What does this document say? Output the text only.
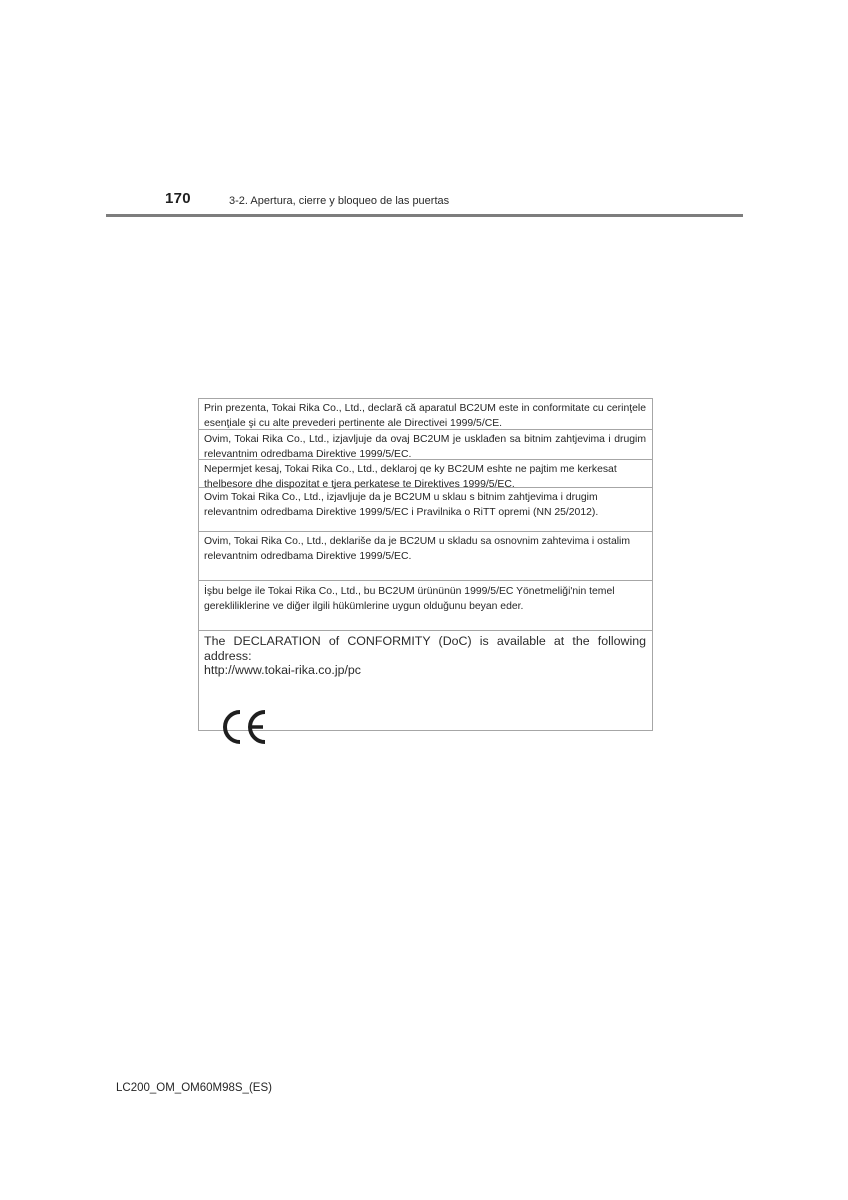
170	3-2. Apertura, cierre y bloqueo de las puertas
Prin prezenta, Tokai Rika Co., Ltd., declară că aparatul BC2UM este in conformitate cu cerinţele esenţiale şi cu alte prevederi pertinente ale Directivei 1999/5/CE.
Ovim, Tokai Rika Co., Ltd., izjavljuje da ovaj BC2UM je usklađen sa bitnim zahtjevima i drugim relevantnim odredbama Direktive 1999/5/EC.
Nepermjet kesaj, Tokai Rika Co., Ltd., deklaroj qe ky BC2UM eshte ne pajtim me kerkesat thelbesore dhe dispozitat e tjera perkatese te Direktives 1999/5/EC.
Ovim Tokai Rika Co., Ltd., izjavljuje da je BC2UM u sklau s bitnim zahtjevima i drugim relevantnim odredbama Direktive 1999/5/EC i Pravilnika o RiTT opremi (NN 25/2012).
Ovim, Tokai Rika Co., Ltd., deklariše da je BC2UM u skladu sa osnovnim zahtevima i ostalim relevantnim odredbama Direktive 1999/5/EC.
İşbu belge ile Tokai Rika Co., Ltd., bu BC2UM ürününün 1999/5/EC Yönetmeliği'nin temel gerekliliklerine ve diğer ilgili hükümlerine uygun olduğunu beyan eder.
The DECLARATION of CONFORMITY (DoC) is available at the following address:
http://www.tokai-rika.co.jp/pc
LC200_OM_OM60M98S_(ES)
